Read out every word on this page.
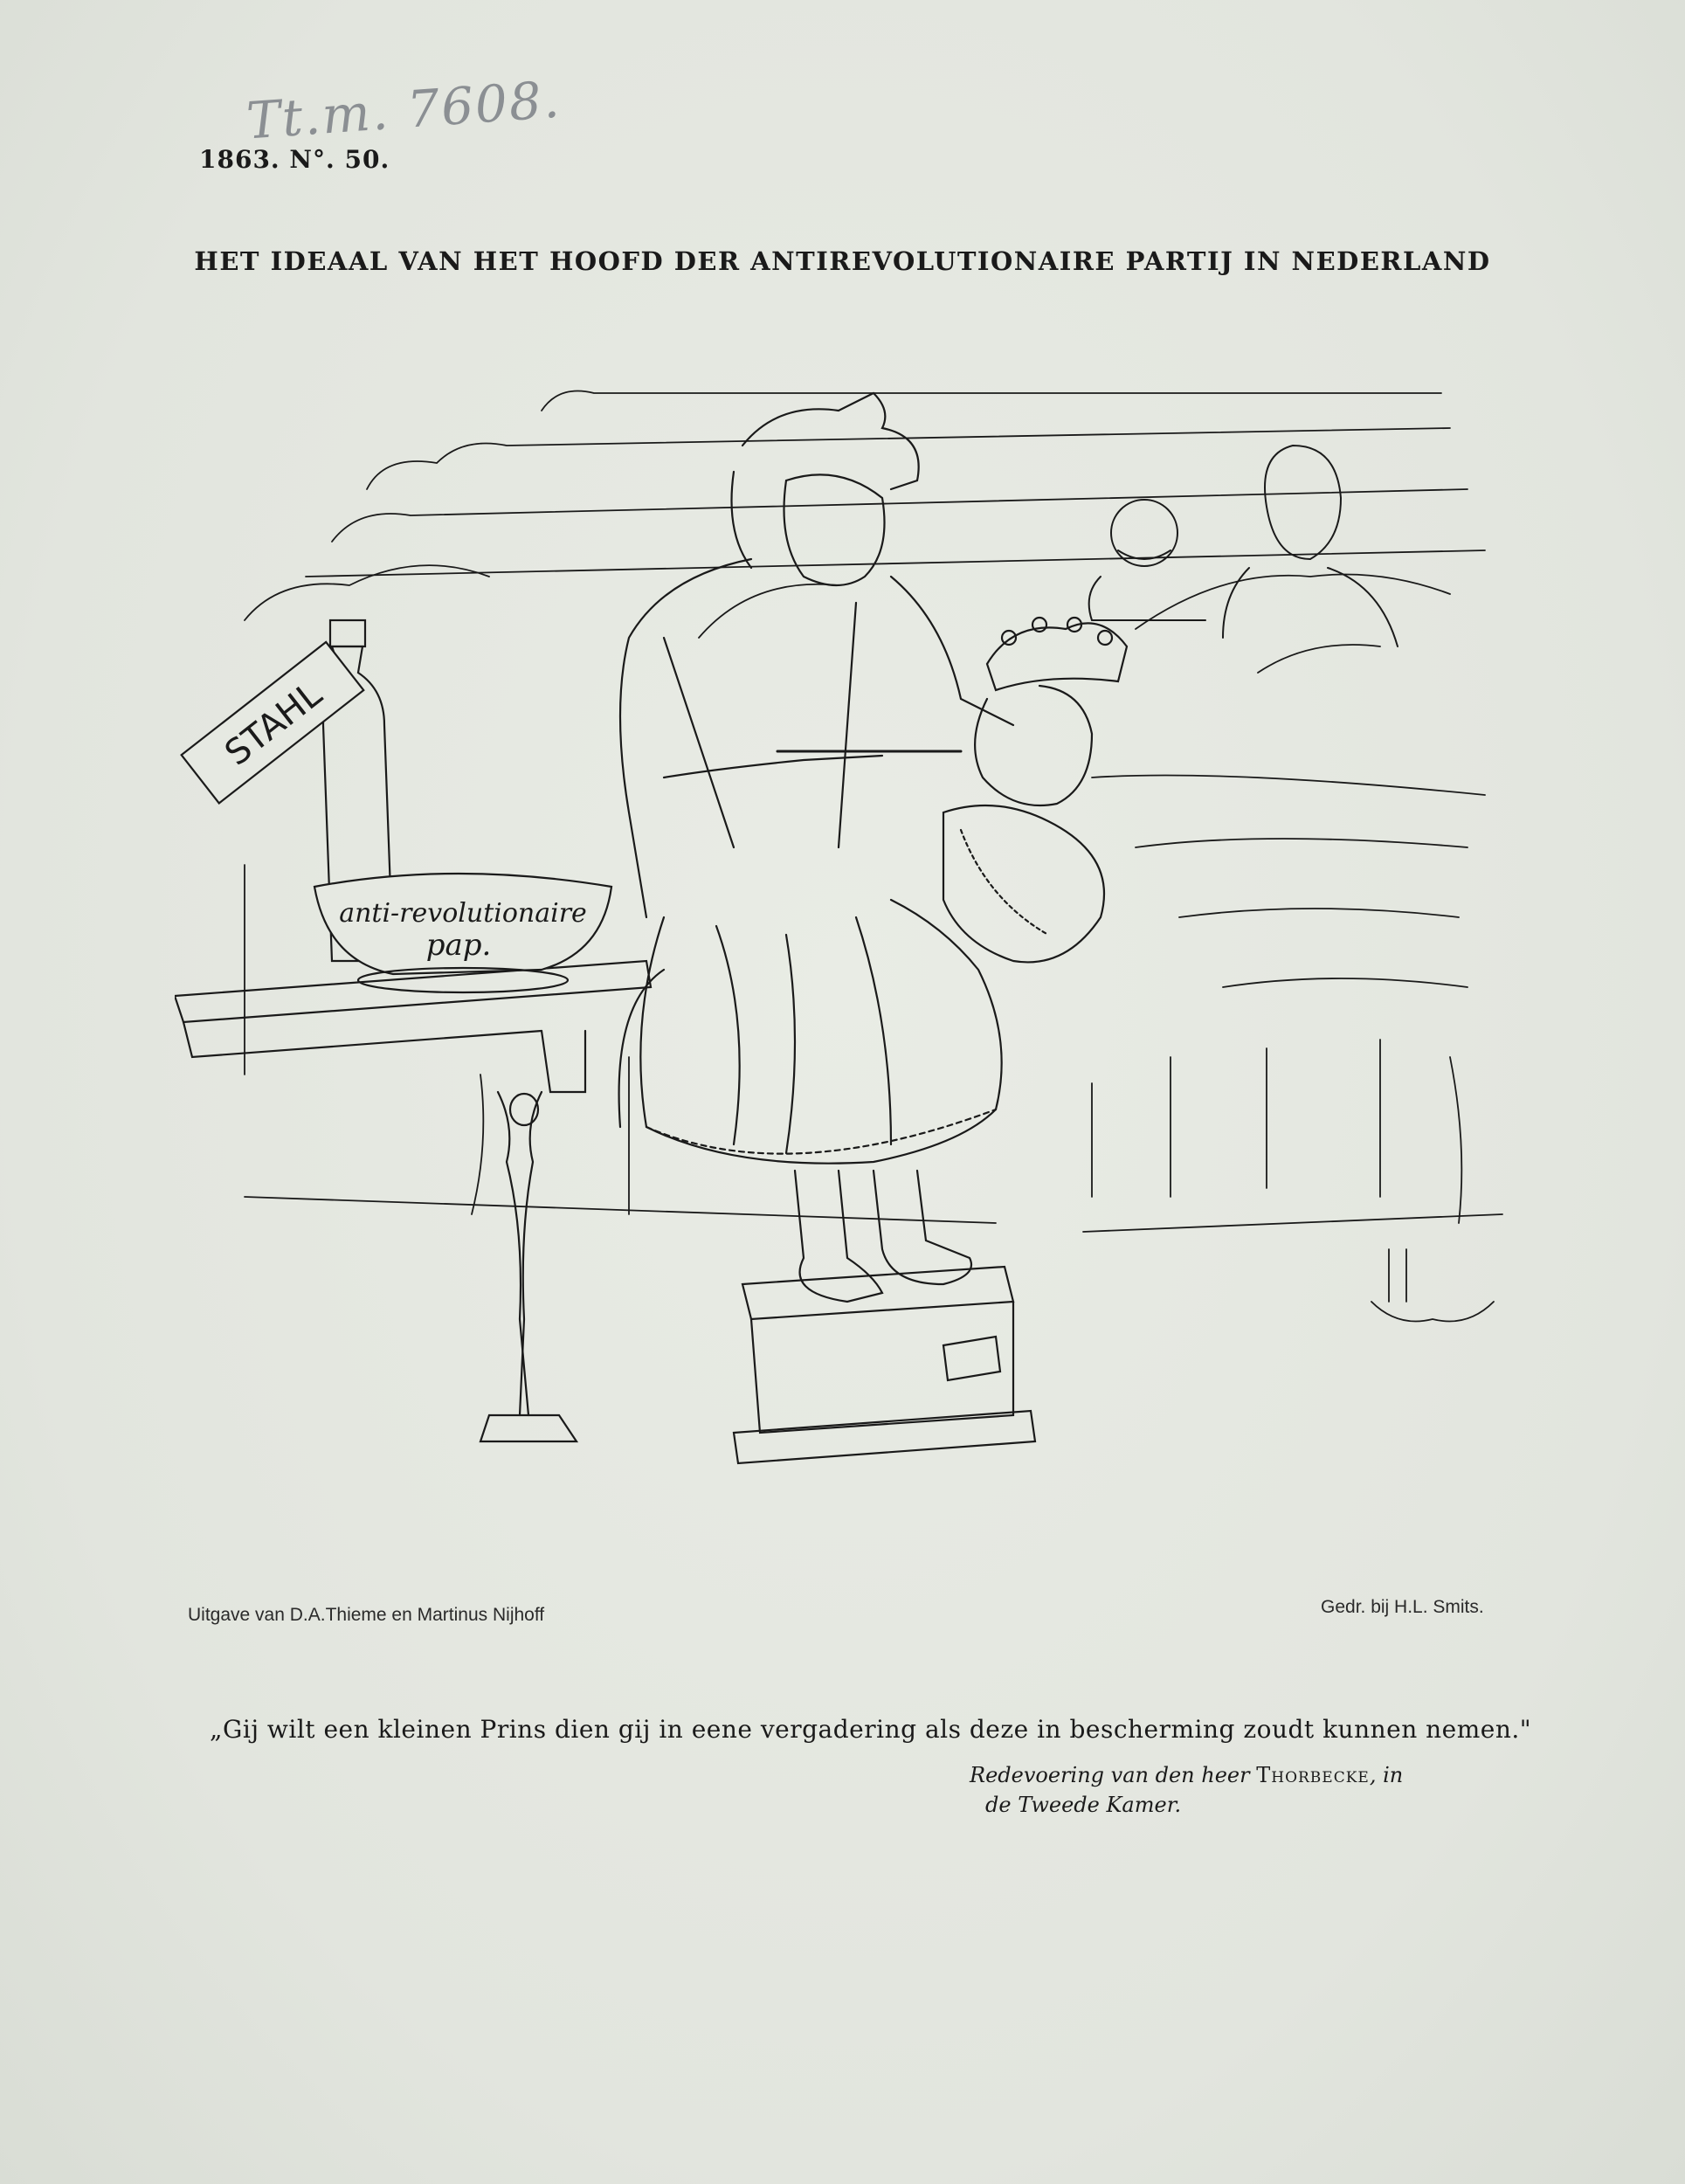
Tt.m. 7608.
1863. N°. 50.
HET IDEAAL VAN HET HOOFD DER ANTIREVOLUTIONAIRE PARTIJ IN NEDERLAND
STAHL
anti-revolutionaire
pap.
Uitgave van D.A.Thieme en Martinus Nijhoff	Gedr. bij H.L. Smits.
„Gij wilt een kleinen Prins dien gij in eene vergadering als deze in bescherming zoudt kunnen nemen."
Redevoering van den heer Thorbecke, in
de Tweede Kamer.
